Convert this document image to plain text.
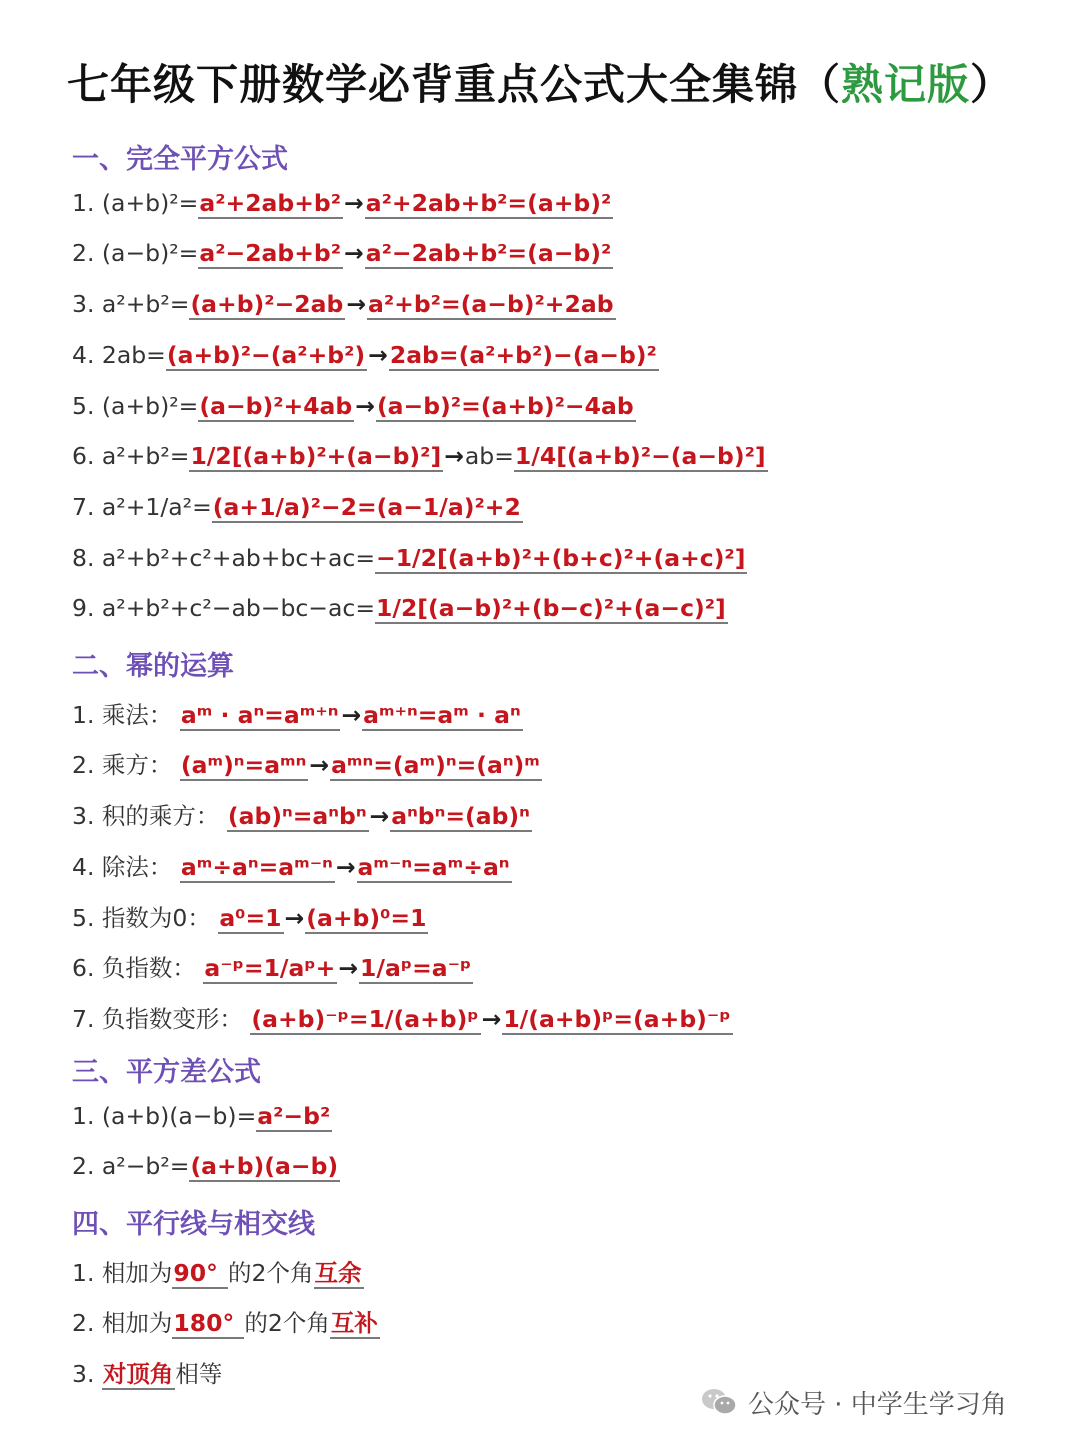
七年级下册数学必背重点公式大全集锦（熟记版）
一、完全平方公式
1. (a+b)²=a²+2ab+b² →a²+2ab+b²=(a+b)²
2. (a−b)²=a²−2ab+b² →a²−2ab+b²=(a−b)²
3. a²+b²=(a+b)²−2ab →a²+b²=(a−b)²+2ab
4. 2ab=(a+b)²−(a²+b²) →2ab=(a²+b²)−(a−b)²
5. (a+b)²=(a−b)²+4ab →(a−b)²=(a+b)²−4ab
6. a²+b²=1/2[(a+b)²+(a−b)²] →ab=1/4[(a+b)²−(a−b)²]
7. a²+1/a²=(a+1/a)²−2=(a−1/a)²+2
8. a²+b²+c²+ab+bc+ac=−1/2[(a+b)²+(b+c)²+(a+c)²]
9. a²+b²+c²−ab−bc−ac=1/2[(a−b)²+(b−c)²+(a−c)²]
二、幂的运算
1. 乘法： aᵐ · aⁿ=aᵐ⁺ⁿ →aᵐ⁺ⁿ=aᵐ · aⁿ
2. 乘方： (aᵐ)ⁿ=aᵐⁿ →aᵐⁿ=(aᵐ)ⁿ=(aⁿ)ᵐ
3. 积的乘方： (ab)ⁿ=aⁿbⁿ →aⁿbⁿ=(ab)ⁿ
4. 除法： aᵐ÷aⁿ=aᵐ⁻ⁿ →aᵐ⁻ⁿ=aᵐ÷aⁿ
5. 指数为0： a⁰=1 →(a+b)⁰=1
6. 负指数： a⁻ᵖ=1/aᵖ+ →1/aᵖ=a⁻ᵖ
7. 负指数变形： (a+b)⁻ᵖ=1/(a+b)ᵖ →1/(a+b)ᵖ=(a+b)⁻ᵖ
三、平方差公式
1. (a+b)(a−b)=a²−b²
2. a²−b²=(a+b)(a−b)
四、平行线与相交线
1. 相加为90° 的2个角互余
2. 相加为180° 的2个角互补
3. 对顶角相等
公众号 · 中学生学习角
